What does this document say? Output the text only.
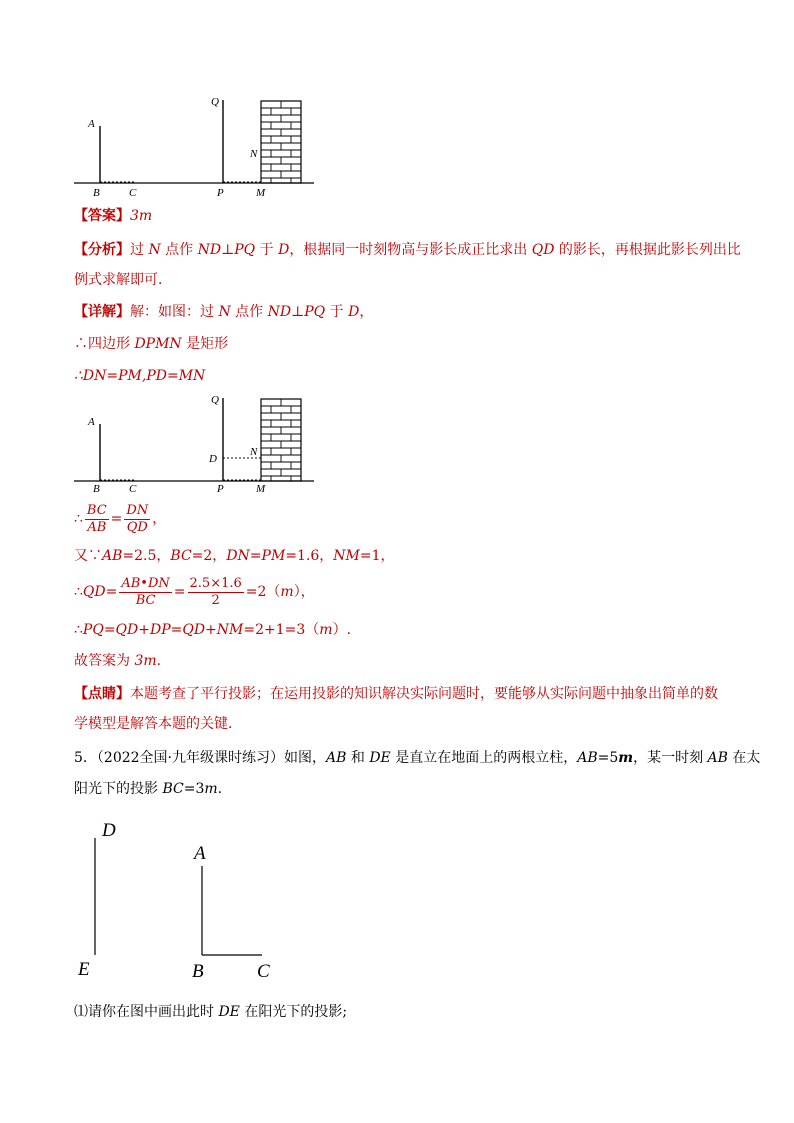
A
Q
N
B	C	P	M
【答案】3m
【分析】过 N 点作 ND⊥PQ 于 D，根据同一时刻物高与影长成正比求出 QD 的影长，再根据此影长列出比
例式求解即可．
【详解】解：如图：过 N 点作 ND⊥PQ 于 D，
∴四边形 DPMN 是矩形
∴DN=PM,PD=MN
A
Q
D
N
B	C	P	M
∴ $\frac{BC}{AB} = \frac{DN}{QD}$ ，
又∵AB=2.5，BC=2，DN=PM=1.6，NM=1，
∴QD= $\frac{AB•DN}{BC} = \frac{2.5\times 1.6}{2} =2(m)$，
∴PQ=QD+DP=QD+NM=2+1=3（m）.
故答案为 3m.
【点睛】本题考查了平行投影；在运用投影的知识解决实际问题时，要能够从实际问题中抽象出简单的数
学模型是解答本题的关键．
5．（2022全国·九年级课时练习）如图，AB 和 DE 是直立在地面上的两根立柱，AB=5m，某一时刻 AB 在太
阳光下的投影 BC=3m.
D
A
E	B	C
⑴请你在图中画出此时 DE 在阳光下的投影;
